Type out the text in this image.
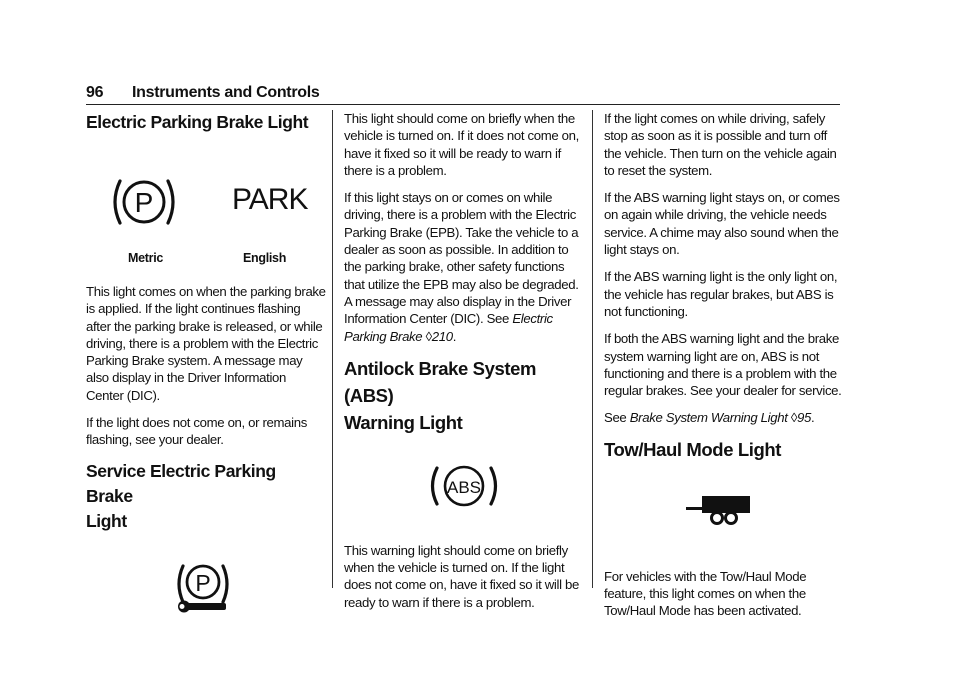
96 Instruments and Controls
Electric Parking Brake Light
P	PARK
Metric	English

This light comes on when the parking brake is applied. If the light continues flashing after the parking brake is released, or while driving, there is a problem with the Electric Parking Brake system. A message may also display in the Driver Information Center (DIC).

If the light does not come on, or remains flashing, see your dealer.

Service Electric Parking Brake
Light
P

This light should come on briefly when the vehicle is turned on. If it does not come on, have it fixed so it will be ready to warn if there is a problem.

If this light stays on or comes on while driving, there is a problem with the Electric Parking Brake (EPB). Take the vehicle to a dealer as soon as possible. In addition to the parking brake, other safety functions that utilize the EPB may also be degraded.

A message may also display in the Driver Information Center (DIC). See Electric Parking Brake ◊210.

Antilock Brake System (ABS)
Warning Light
ABS

This warning light should come on briefly when the vehicle is turned on. If the light does not come on, have it fixed so it will be ready to warn if there is a problem.

If the light comes on while driving, safely stop as soon as it is possible and turn off the vehicle. Then turn on the vehicle again to reset the system.

If the ABS warning light stays on, or comes on again while driving, the vehicle needs service. A chime may also sound when the light stays on.

If the ABS warning light is the only light on, the vehicle has regular brakes, but ABS is not functioning.

If both the ABS warning light and the brake system warning light are on, ABS is not functioning and there is a problem with the regular brakes. See your dealer for service.

See Brake System Warning Light ◊95.

Tow/Haul Mode Light

For vehicles with the Tow/Haul Mode feature, this light comes on when the Tow/Haul Mode has been activated.
